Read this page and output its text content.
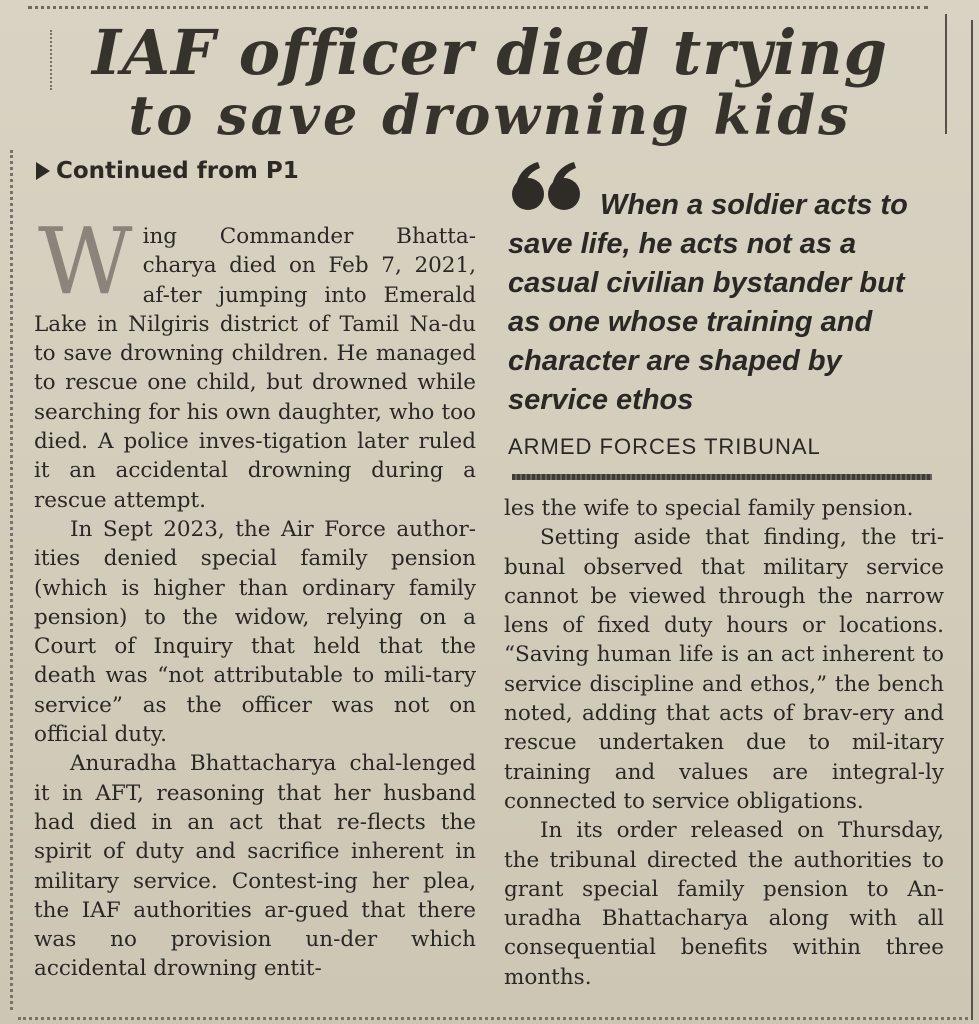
IAF officer died trying
to save drowning kids
Continued from P1

Wing Commander Bhatta-charya died on Feb 7, 2021, af-ter jumping into Emerald Lake in Nilgiris district of Tamil Na-du to save drowning children. He managed to rescue one child, but drowned while searching for his own daughter, who too died. A police inves-tigation later ruled it an accidental drowning during a rescue attempt.

In Sept 2023, the Air Force author-ities denied special family pension (which is higher than ordinary family pension) to the widow, relying on a Court of Inquiry that held that the death was “not attributable to mili-tary service” as the officer was not on official duty.

Anuradha Bhattacharya chal-lenged it in AFT, reasoning that her husband had died in an act that re-flects the spirit of duty and sacrifice inherent in military service. Contest-ing her plea, the IAF authorities ar-gued that there was no provision un-der which accidental drowning entit-

When a soldier acts to save life, he acts not as a casual civilian bystander but as one whose training and character are shaped by service ethos

ARMED FORCES TRIBUNAL

les the wife to special family pension.

Setting aside that finding, the tri-bunal observed that military service cannot be viewed through the narrow lens of fixed duty hours or locations. “Saving human life is an act inherent to service discipline and ethos,” the bench noted, adding that acts of brav-ery and rescue undertaken due to mil-itary training and values are integral-ly connected to service obligations.

In its order released on Thursday, the tribunal directed the authorities to grant special family pension to An-uradha Bhattacharya along with all consequential benefits within three months.
